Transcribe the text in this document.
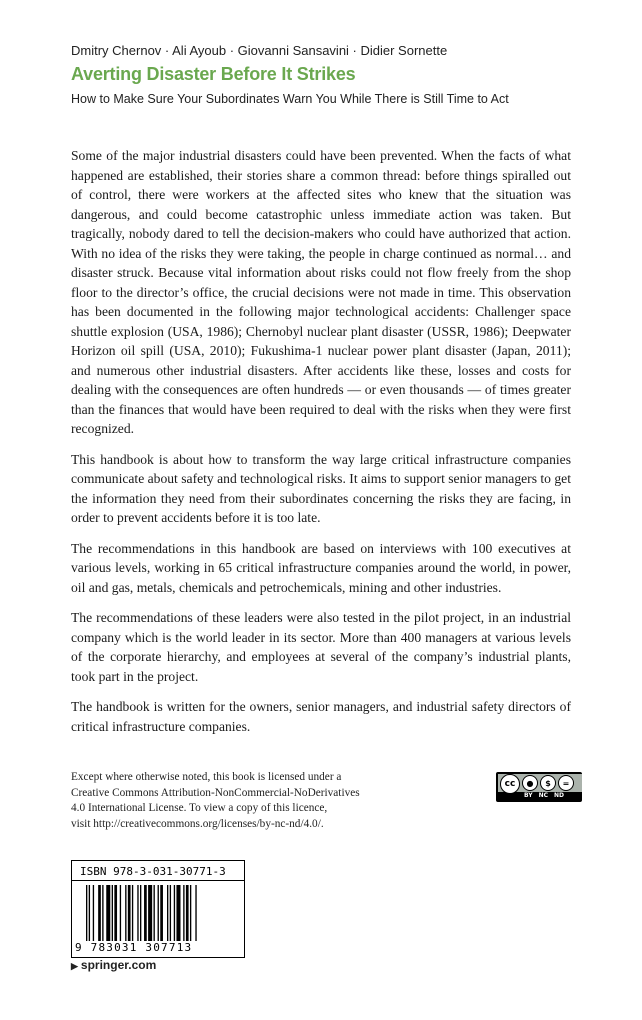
Dmitry Chernov · Ali Ayoub · Giovanni Sansavini · Didier Sornette
Averting Disaster Before It Strikes
How to Make Sure Your Subordinates Warn You While There is Still Time to Act

Some of the major industrial disasters could have been prevented. When the facts of what happened are established, their stories share a common thread: before things spiralled out of control, there were workers at the affected sites who knew that the situation was dangerous, and could become catastrophic unless immediate action was taken. But tragically, nobody dared to tell the decision-makers who could have authorized that action. With no idea of the risks they were taking, the people in charge continued as normal… and disaster struck. Because vital information about risks could not flow freely from the shop floor to the director’s office, the crucial decisions were not made in time. This observation has been documented in the following major technological accidents: Challenger space shuttle explosion (USA, 1986); Chernobyl nuclear plant disaster (USSR, 1986); Deepwater Horizon oil spill (USA, 2010); Fukushima-1 nuclear power plant disaster (Japan, 2011); and numerous other industrial disasters. After accidents like these, losses and costs for dealing with the consequences are often hundreds — or even thousands — of times greater than the finances that would have been required to deal with the risks when they were first recognized.

This handbook is about how to transform the way large critical infrastructure companies communicate about safety and technological risks. It aims to support senior managers to get the information they need from their subordinates concerning the risks they are facing, in order to prevent accidents before it is too late.

The recommendations in this handbook are based on interviews with 100 executives at various levels, working in 65 critical infrastructure companies around the world, in power, oil and gas, metals, chemicals and petrochemicals, mining and other industries.

The recommendations of these leaders were also tested in the pilot project, in an industrial company which is the world leader in its sector. More than 400 managers at various levels of the corporate hierarchy, and employees at several of the company’s industrial plants, took part in the project.

The handbook is written for the owners, senior managers, and industrial safety directors of critical infrastructure companies.

Except where otherwise noted, this book is licensed under a
Creative Commons Attribution-NonCommercial-NoDerivatives
4.0 International License. To view a copy of this licence,
visit http://creativecommons.org/licenses/by-nc-nd/4.0/.
cc	●	$	=
BY NC ND
ISBN 978-3-031-30771-3
9 783031 307713
▶ springer.com
